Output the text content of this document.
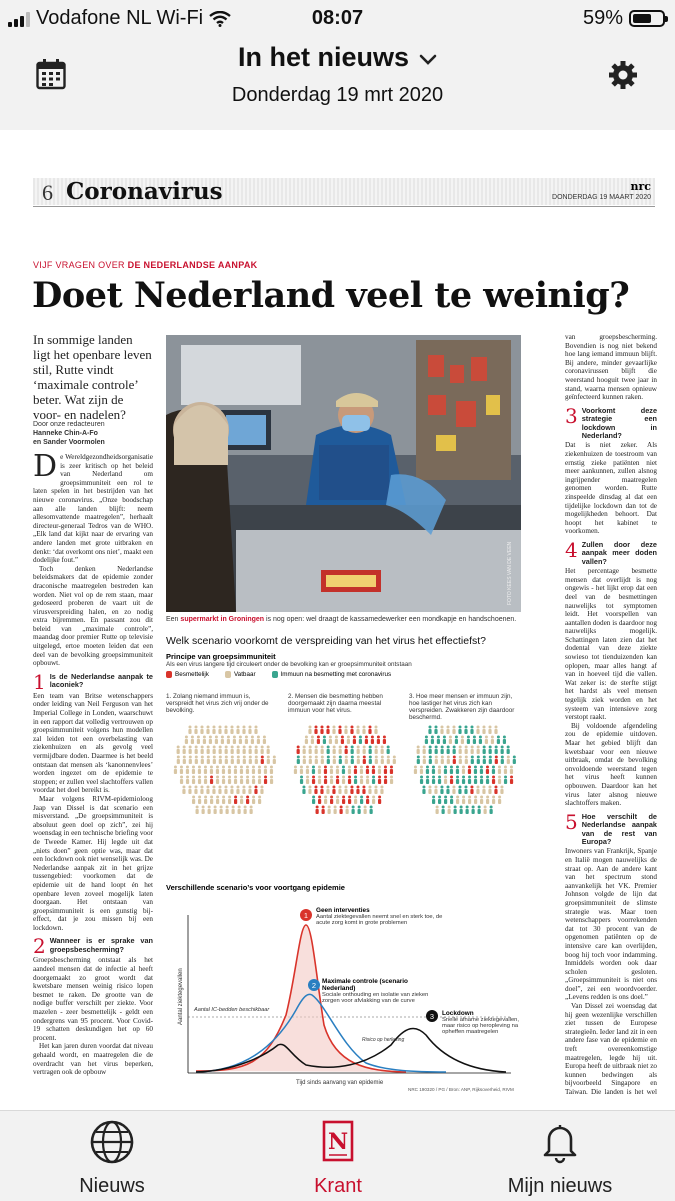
Vodafone NL Wi-Fi	08:07	59%
In het nieuws
Donderdag 19 mrt 2020
6 Coronavirus	nrc
DONDERDAG 19 MAART 2020
VIJF VRAGEN OVER DE NEDERLANDSE AANPAK
Doet Nederland veel te weinig?
In sommige landen ligt het openbare leven stil, Rutte vindt ‘maximale controle’ beter. Wat zijn de voor- en nadelen?
Door onze redacteuren
Hanneke Chin-A-Fo
en Sander Voormolen

De Wereldgezondheidsorganisatie is zeer kritisch op het beleid van Nederland om groepsimmuniteit een rol te laten spelen in het bestrijden van het nieuwe coronavirus. „Onze boodschap aan alle landen blijft: neem allesomvattende maatregelen”, herhaalt directeur-generaal Tedros van de WHO. „Elk land dat kijkt naar de ervaring van andere landen met grote uitbraken en denkt: ‘dat overkomt ons niet’, maakt een dodelijke fout.”

Toch denken Nederlandse beleidsmakers dat de epidemie zonder draconische maatregelen bestreden kan worden. Niet vol op de rem staan, maar gedoseerd proberen de vaart uit de virusverspreiding halen, en zo nodig extra bijremmen. En passant zou dit beleid van „maximale controle”, maandag door premier Rutte op televisie uitgelegd, ertoe moeten leiden dat een deel van de bevolking groepsimmuniteit opbouwt.

1 Is de Nederlandse aanpak te laconiek?

Een team van Britse wetenschappers onder leiding van Neil Ferguson van het Imperial College in Londen, waarschuwt in een rapport dat volledig vertrouwen op groepsimmuniteit volgens hun modellen zal leiden tot een overbelasting van ziekenhuizen en als gevolg veel vermijdbare doden. Daarmee is het beeld ontstaan dat mensen als ‘kanonnenvlees’ worden ingezet om de epidemie te stoppen; er zullen veel slachtoffers vallen voordat het doel bereikt is.

Maar volgens RIVM-epidemioloog Jaap van Dissel is dat scenario een misverstand. „De groepsimmuniteit is absoluut geen doel op zich”, zei hij woensdag in een technische briefing voor de Tweede Kamer. Hij legde uit dat „niets doen” geen optie was, maar dat een lockdown ook niet wenselijk was. De Nederlandse aanpak zit in het grijze tussengebied: voorkomen dat de epidemie uit de hand loopt én het openbare leven zoveel mogelijk laten doorgaan. Het ontstaan van groepsimmuniteit is een gunstig bij-effect, dat je zou missen bij een lockdown.

2 Wanneer is er sprake van groepsbescherming?

Groepsbescherming ontstaat als het aandeel mensen dat de infectie al heeft doorgemaakt zo groot wordt dat kwetsbare mensen weinig risico lopen besmet te raken. De grootte van de nodige buffer verschilt per ziekte. Voor mazelen - zeer besmettelijk - geldt een ondergrens van 95 procent. Voor Covid-19 schatten deskundigen het op 60 procent.

Het kan jaren duren voordat dat niveau gehaald wordt, en maatregelen die de overdracht van het virus beperken, vertragen ook de opbouw

FOTO KEES VAN DE VEEN
Een supermarkt in Groningen is nog open: wel draagt de kassamedewerker een mondkapje en handschoenen.
Welk scenario voorkomt de verspreiding van het virus het effectiefst?
Principe van groepsimmuniteit
Als een virus langere tijd circuleert onder de bevolking kan er groepsimmuniteit ontstaan
Besmettelijk	Vatbaar	Immuun na besmetting met coronavirus
1. Zolang niemand immuun is, verspreidt het virus zich vrij onder de bevolking.
2. Mensen die besmetting hebben doorgemaakt zijn daarna meestal immuun voor het virus.
3. Hoe meer mensen er immuun zijn, hoe lastiger het virus zich kan verspreiden. Zwakkeren zijn daardoor beschermd.
Verschillende scenario’s voor voortgang epidemie
1
2
3
Aantal ziektegevallen
Tijd sinds aanvang van epidemie
Aantal IC-bedden beschikbaar
Risico op herleving
NRC 190320 / PG / Bron: ANP, Rijksoverheid, RIVM
Geen interventies
Aantal ziektegevallen neemt snel en sterk toe, de acute zorg komt in grote problemen
Maximale controle (scenario Nederland)
Sociale onthouding en isolatie van zieken zorgen voor afvlakking van de curve
Lockdown
Snelle afname ziektegevallen, maar risico op heropleving na opheffen maatregelen

van groepsbescherming. Bovendien is nog niet bekend hoe lang iemand immuun blijft. Bij andere, minder gevaarlijke coronavirussen blijft die weerstand hooguit twee jaar in stand, waarna mensen opnieuw geïnfecteerd kunnen raken.

3 Voorkomt deze strategie een lockdown in Nederland?

Dat is niet zeker. Als ziekenhuizen de toestroom van ernstig zieke patiënten niet meer aankunnen, zullen alsnog ingrijpender maatregelen genomen worden. Rutte zinspeelde dinsdag al dat een tijdelijke lockdown dan tot de mogelijkheden behoort. Dat hoopt het kabinet te voorkomen.

4 Zullen door deze aanpak meer doden vallen?

Het percentage besmette mensen dat overlijdt is nog ongewis - het lijkt erop dat een deel van de besmettingen nauwelijks tot symptomen leidt. Het voorspellen van aantallen doden is daardoor nog nauwelijks mogelijk. Schattingen laten zien dat het dodental van deze ziekte sowieso tot tienduizenden kan oplopen, maar alles hangt af van in hoeveel tijd die vallen. Wat zeker is: de sterfte stijgt het hardst als veel mensen tegelijk ziek worden en het systeem van intensieve zorg verstopt raakt.

Bij voldoende afgendeling zou de epidemie uitdoven. Maar het gebied blijft dan kwetsbaar voor een nieuwe uitbraak, omdat de bevolking onvoldoende weerstand tegen het virus heeft kunnen opbouwen. Daardoor kan het virus later alsnog nieuwe slachtoffers maken.

5 Hoe verschilt de Nederlandse aanpak van de rest van Europa?

Inwoners van Frankrijk, Spanje en Italië mogen nauwelijks de straat op. Aan de andere kant van het spectrum stond aanvankelijk het VK. Premier Johnson volgde de lijn dat groepsimmuniteit de slimste strategie was. Maar toen wetenschappers voorrekenden dat tot 30 procent van de opgenomen patiënten op de intensive care kan overlijden, boog hij toch voor indamming. Inmiddels worden ook daar scholen gesloten. „Groepsimmuniteit is niet ons doel”, zei een woordvoerder. „Levens redden is ons doel.”

Van Dissel zei woensdag dat hij geen wezenlijke verschillen ziet tussen de Europese strategieën. Ieder land zit in een andere fase van de epidemie en treft overeenkomstige maatregelen, legde hij uit. Europa heeft de uitbraak niet zo kunnen bedwingen als bijvoorbeeld Singapore en Taiwan. Die landen is het wel

Nieuws
N
Krant	Mijn nieuws
